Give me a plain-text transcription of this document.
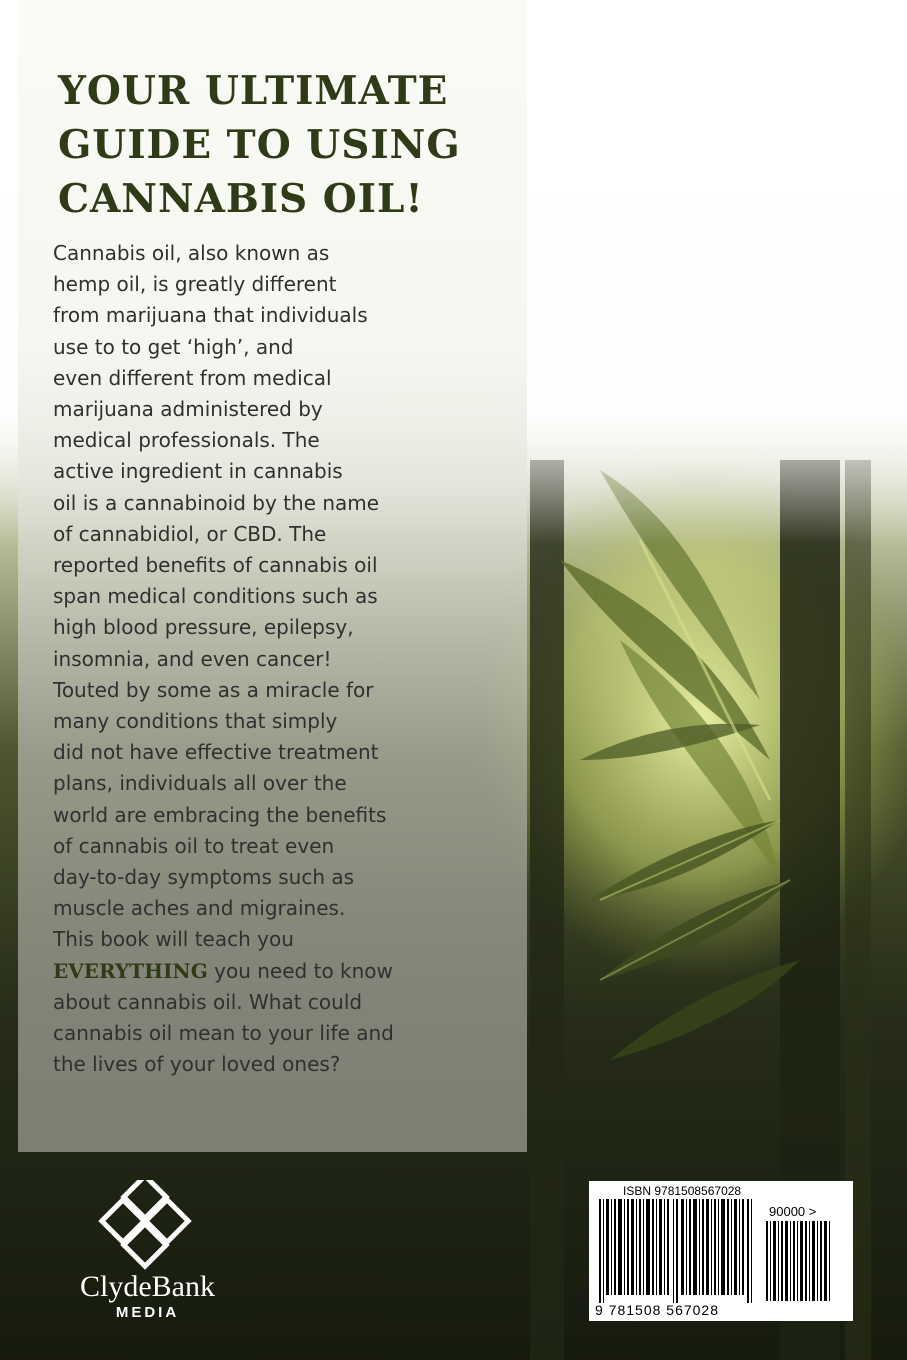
YOUR ULTIMATE
GUIDE TO USING
CANNABIS OIL!

Cannabis oil, also known as
hemp oil, is greatly different
from marijuana that individuals
use to to get ‘high’, and
even different from medical
marijuana administered by
medical professionals. The
active ingredient in cannabis
oil is a cannabinoid by the name
of cannabidiol, or CBD. The
reported benefits of cannabis oil
span medical conditions such as
high blood pressure, epilepsy,
insomnia, and even cancer!
Touted by some as a miracle for
many conditions that simply
did not have effective treatment
plans, individuals all over the
world are embracing the benefits
of cannabis oil to treat even
day-to-day symptoms such as
muscle aches and migraines.
This book will teach you
EVERYTHING you need to know
about cannabis oil. What could
cannabis oil mean to your life and
the lives of your loved ones?

ClydeBank
MEDIA
ISBN 9781508567028
90000 >
9 781508 567028
